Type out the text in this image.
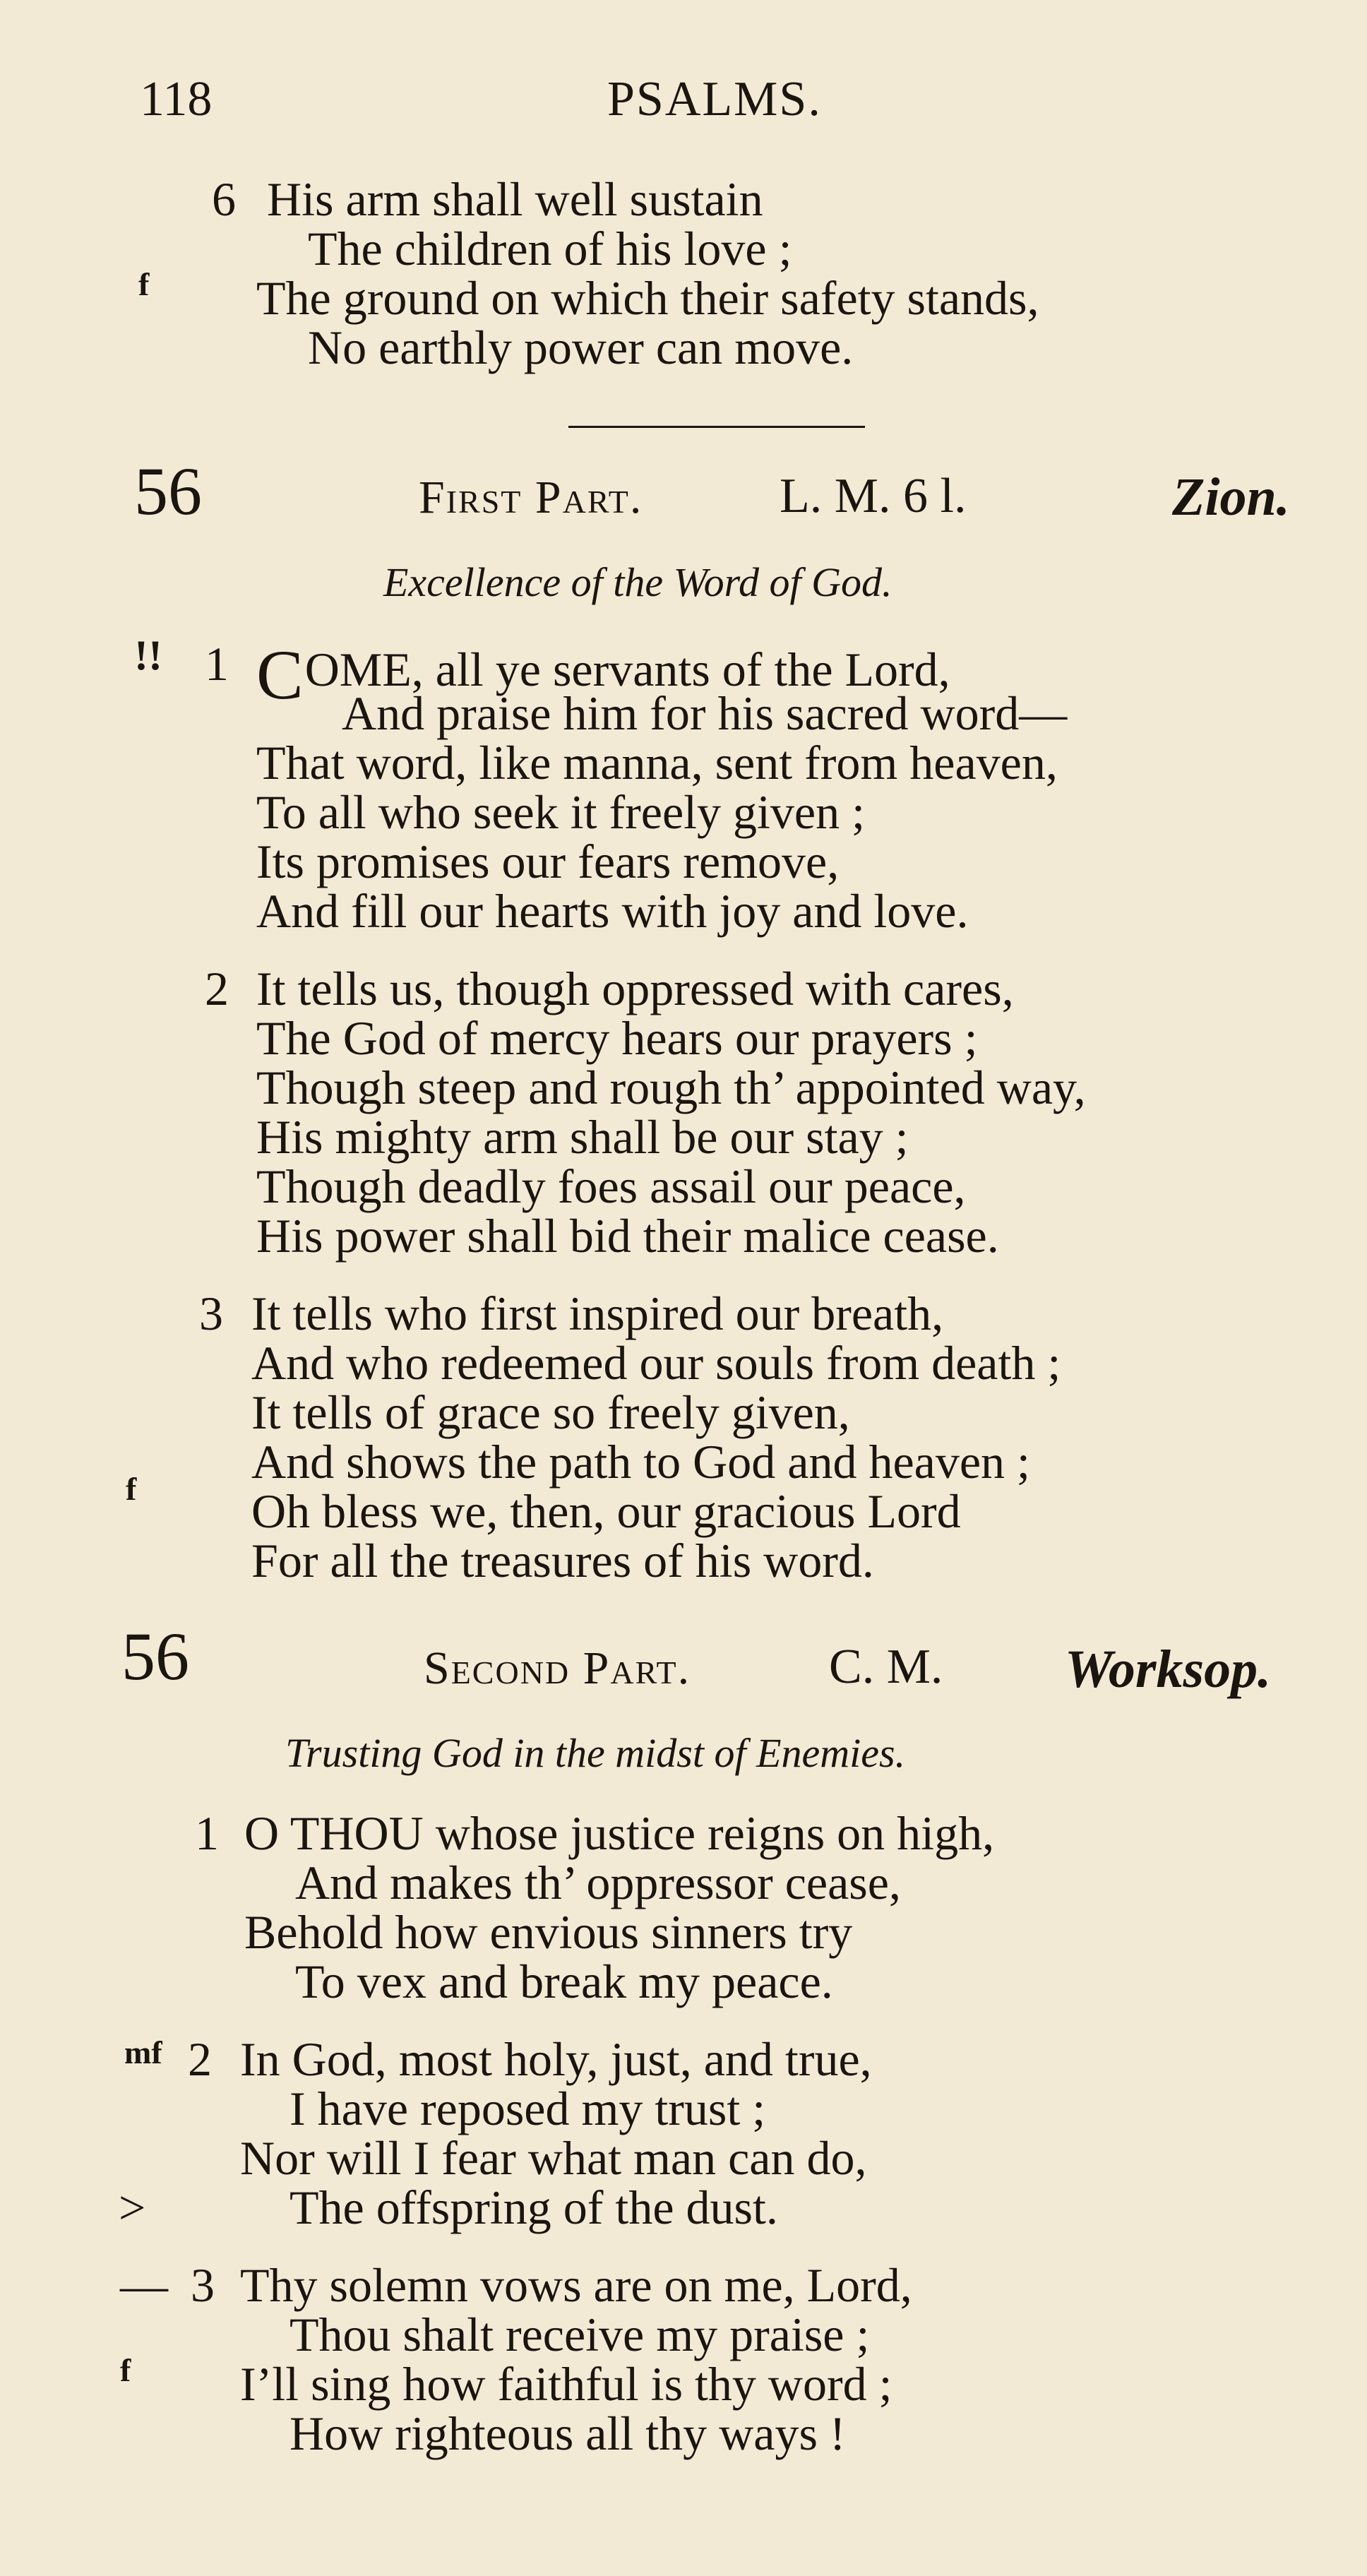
118	PSALMS.
6 His arm shall well sustain
The children of his love ;
f The ground on which their safety stands,
No earthly power can move.
56	First Part.	L. M. 6 l.	Zion.
Excellence of the Word of God.
!! 1 COME, all ye servants of the Lord,
And praise him for his sacred word—
That word, like manna, sent from heaven,
To all who seek it freely given ;
Its promises our fears remove,
And fill our hearts with joy and love.
2 It tells us, though oppressed with cares,
The God of mercy hears our prayers ;
Though steep and rough th’ appointed way,
His mighty arm shall be our stay ;
Though deadly foes assail our peace,
His power shall bid their malice cease.
3 It tells who first inspired our breath,
And who redeemed our souls from death ;
It tells of grace so freely given,
And shows the path to God and heaven ;
f Oh bless we, then, our gracious Lord
For all the treasures of his word.
56	Second Part.	C. M. Worksop.
Trusting God in the midst of Enemies.
1 O THOU whose justice reigns on high,
And makes th’ oppressor cease,
Behold how envious sinners try
To vex and break my peace.
mf 2 In God, most holy, just, and true,
I have reposed my trust ;
Nor will I fear what man can do,
>	The offspring of the dust.
— 3 Thy solemn vows are on me, Lord,
Thou shalt receive my praise ;
f I’ll sing how faithful is thy word ;
How righteous all thy ways !
